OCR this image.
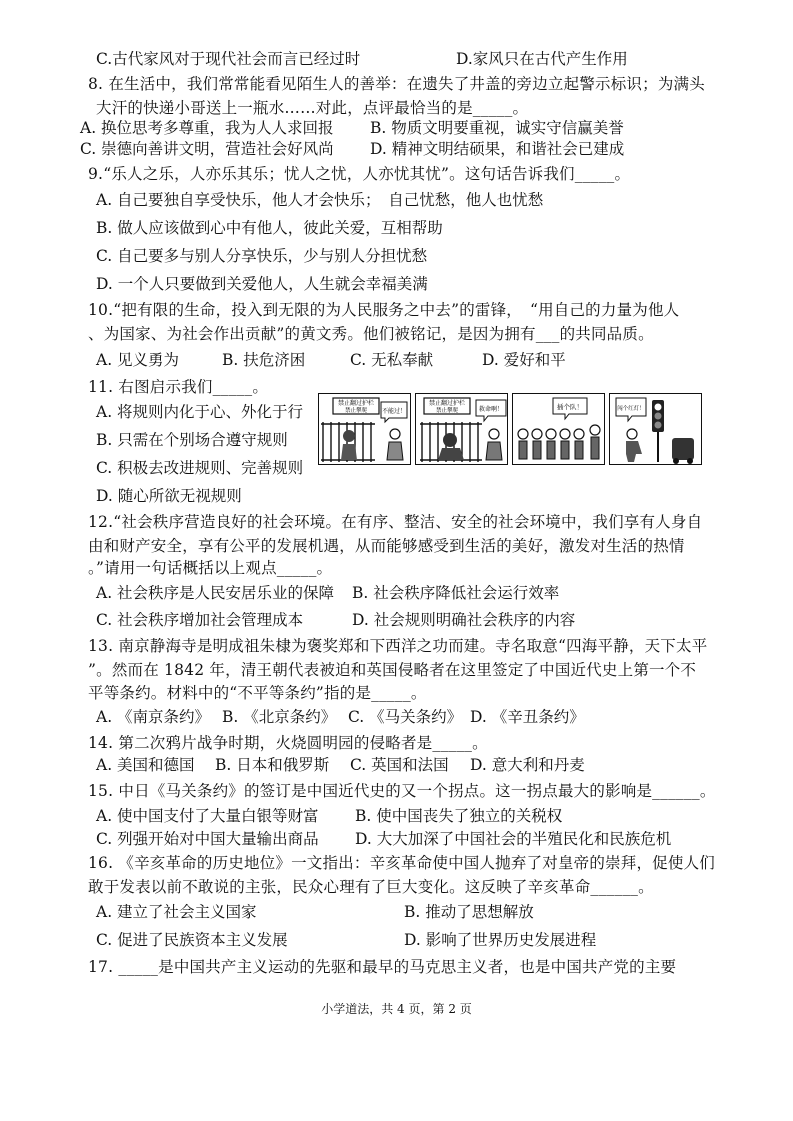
C.古代家风对于现代社会而言已经过时	D.家风只在古代产生作用
8. 在生活中，我们常常能看见陌生人的善举：在遗失了井盖的旁边立起警示标识；为满头
大汗的快递小哥送上一瓶水……对此，点评最恰当的是_____。
A. 换位思考多尊重，我为人人求回报 B. 物质文明要重视，诚实守信赢美誉
C. 崇德向善讲文明，营造社会好风尚 D. 精神文明结硕果，和谐社会已建成
9.“乐人之乐，人亦乐其乐；忧人之忧，人亦忧其忧”。这句话告诉我们_____。
A. 自己要独自享受快乐，他人才会快乐；　自己忧愁，他人也忧愁
B. 做人应该做到心中有他人，彼此关爱，互相帮助
C. 自己要多与别人分享快乐，少与别人分担忧愁
D. 一个人只要做到关爱他人，人生就会幸福美满
10.“把有限的生命，投入到无限的为人民服务之中去”的雷锋，　“用自己的力量为他人
、为国家、为社会作出贡献”的黄文秀。他们被铭记，是因为拥有___的共同品质。
A. 见义勇为	B. 扶危济困	C. 无私奉献	D. 爱好和平
11. 右图启示我们_____。
A. 将规则内化于心、外化于行
B. 只需在个别场合遵守规则
C. 积极去改进规则、完善规则
D. 随心所欲无视规则
禁止翻过护栏
禁止攀爬 不能过！
禁止翻过护栏
禁止攀爬	救命啊！	插个队！	闯个红灯！
12.“社会秩序营造良好的社会环境。在有序、整洁、安全的社会环境中，我们享有人身自
由和财产安全，享有公平的发展机遇，从而能够感受到生活的美好，激发对生活的热情
。”请用一句话概括以上观点_____。
A. 社会秩序是人民安居乐业的保障 B. 社会秩序降低社会运行效率
C. 社会秩序增加社会管理成本	D. 社会规则明确社会秩序的内容
13. 南京静海寺是明成祖朱棣为褒奖郑和下西洋之功而建。寺名取意“四海平静，天下太平
”。然而在 1842 年，清王朝代表被迫和英国侵略者在这里签定了中国近代史上第一个不
平等条约。材料中的“不平等条约”指的是_____。
A. 《南京条约》 B. 《北京条约》 C. 《马关条约》 D. 《辛丑条约》
14. 第二次鸦片战争时期，火烧圆明园的侵略者是_____。
A. 美国和德国 B. 日本和俄罗斯 C. 英国和法国 D. 意大利和丹麦
15. 中日《马关条约》的签订是中国近代史的又一个拐点。这一拐点最大的影响是______。
A. 使中国支付了大量白银等财富 B. 使中国丧失了独立的关税权
C. 列强开始对中国大量输出商品 D. 大大加深了中国社会的半殖民化和民族危机
16. 《辛亥革命的历史地位》一文指出：辛亥革命使中国人抛弃了对皇帝的崇拜，促使人们
敢于发表以前不敢说的主张，民众心理有了巨大变化。这反映了辛亥革命______。
A. 建立了社会主义国家	B. 推动了思想解放
C. 促进了民族资本主义发展	D. 影响了世界历史发展进程
17. _____是中国共产主义运动的先驱和最早的马克思主义者，也是中国共产党的主要
小学道法，共 4 页，第 2 页
